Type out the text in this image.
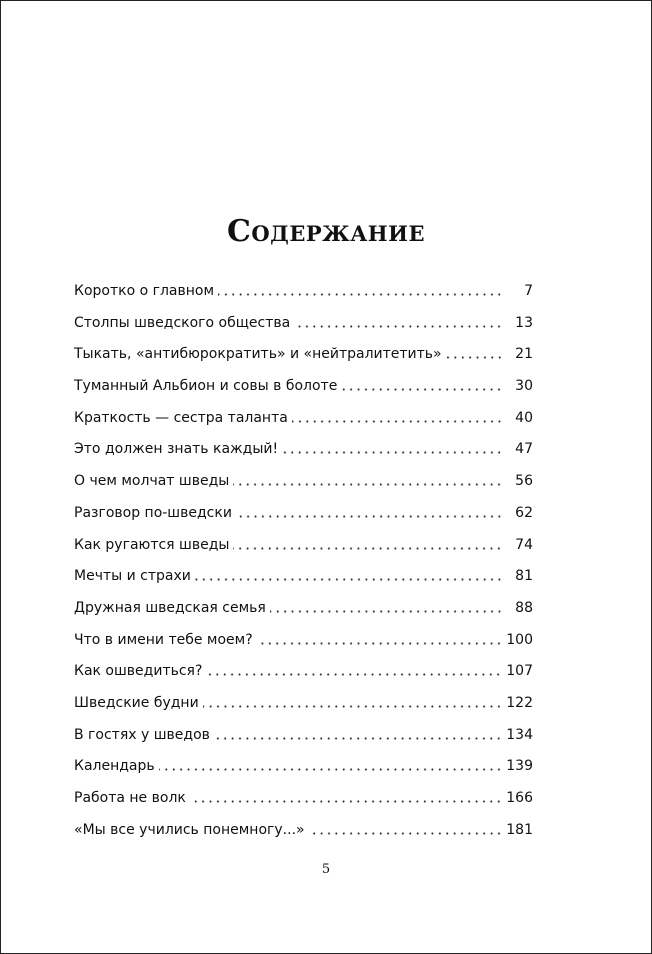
Содержание
Коротко о главном	7
Столпы шведского общества	13
Тыкать, «антибюрократить» и «нейтралитетить»	21
Туманный Альбион и совы в болоте	30
Краткость — сестра таланта	40
Это должен знать каждый!	47
О чем молчат шведы	56
Разговор по-шведски	62
Как ругаются шведы	74
Мечты и страхи	81
Дружная шведская семья	88
Что в имени тебе моем?	100
Как ошведиться?	107
Шведские будни	122
В гостях у шведов	134
Календарь	139
Работа не волк	166
«Мы все учились понемногу...»	181
5
